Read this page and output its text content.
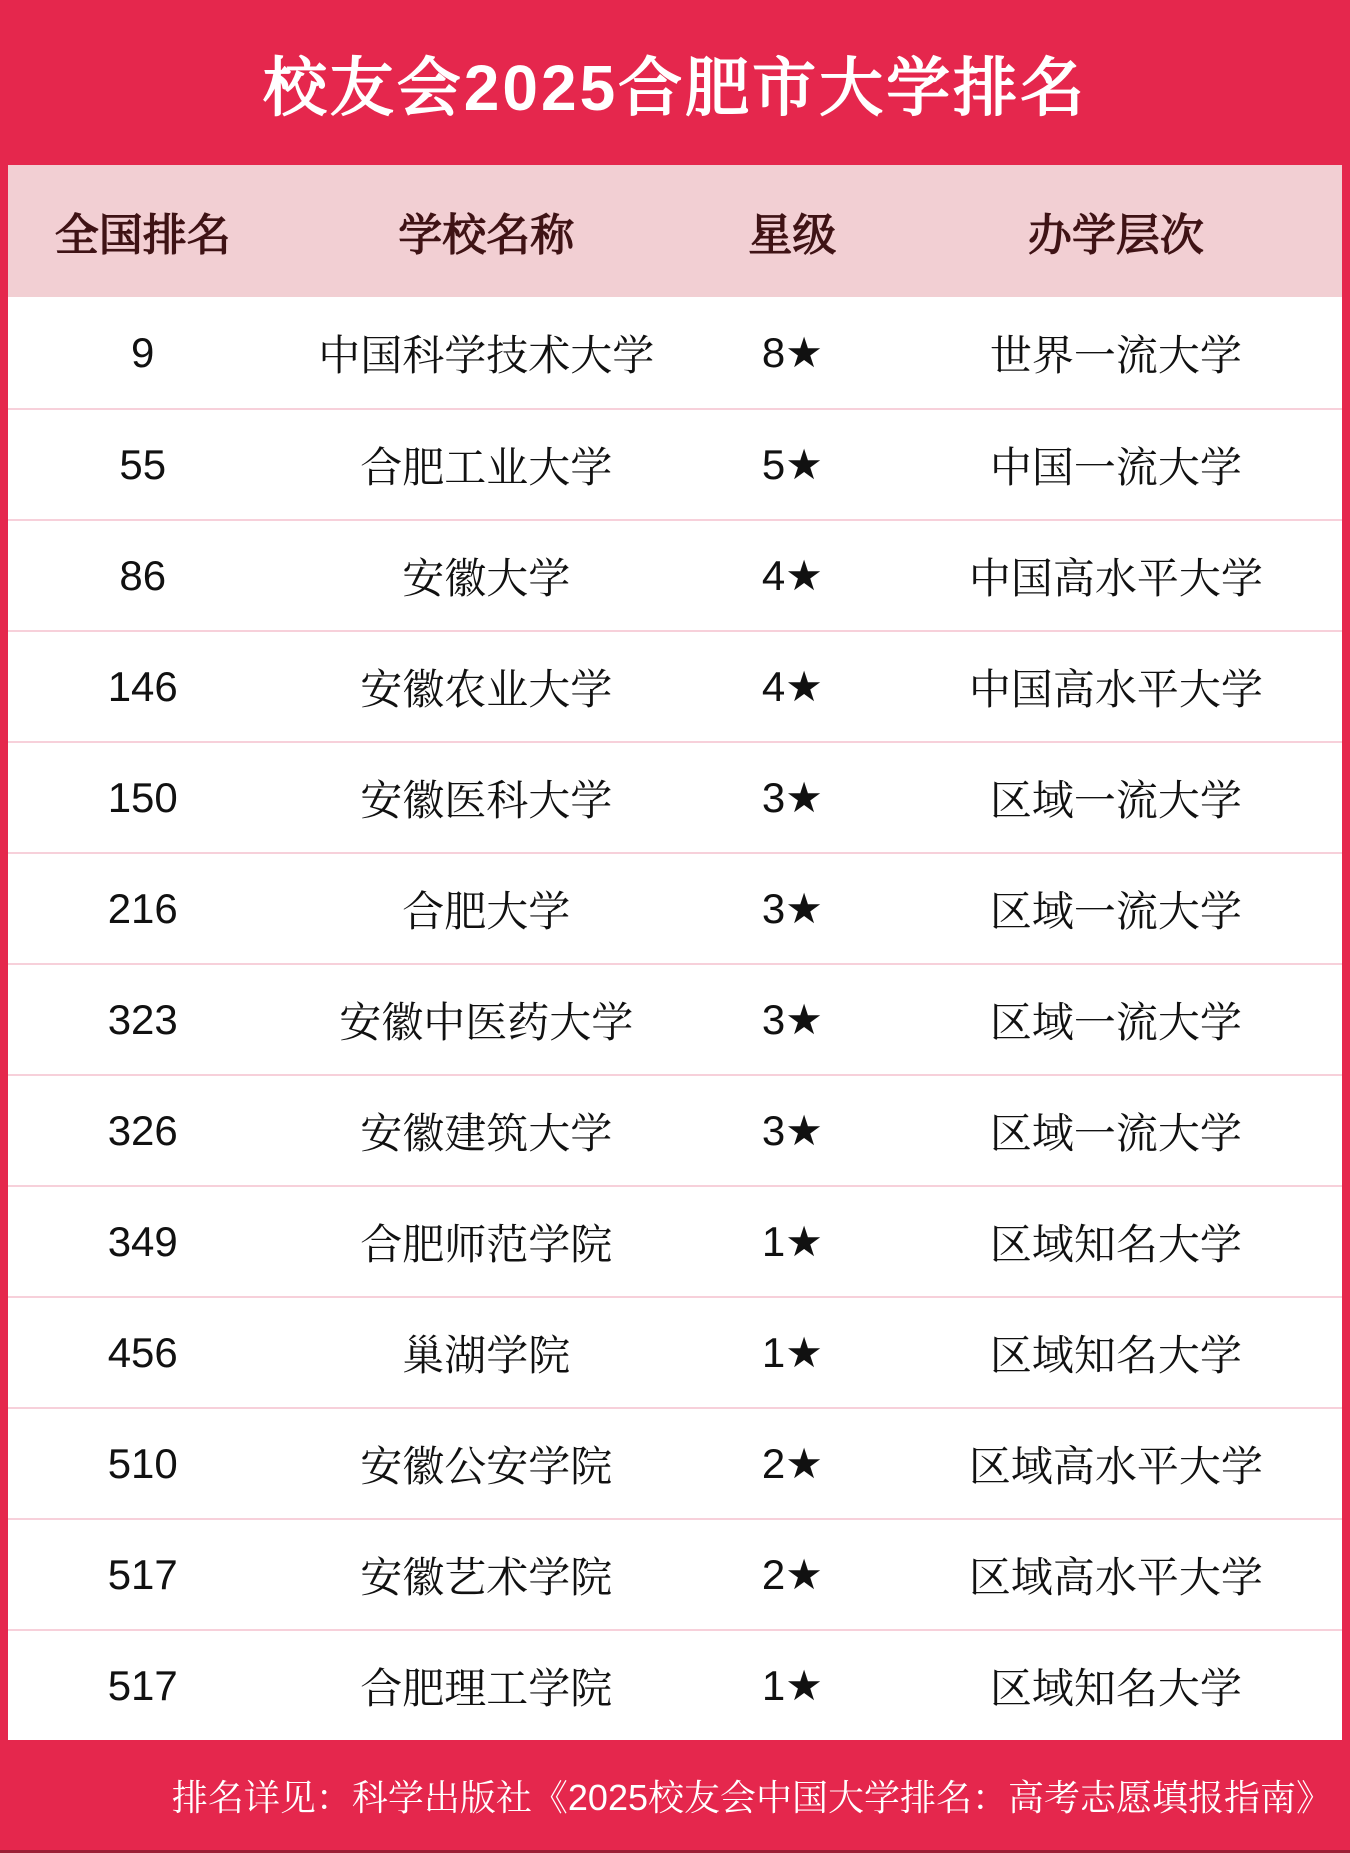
校友会2025合肥市大学排名
全国排名	学校名称	星级	办学层次
9	中国科学技术大学	8★	世界一流大学
55	合肥工业大学	5★	中国一流大学
86	安徽大学	4★	中国高水平大学
146	安徽农业大学	4★	中国高水平大学
150	安徽医科大学	3★	区域一流大学
216	合肥大学	3★	区域一流大学
323	安徽中医药大学	3★	区域一流大学
326	安徽建筑大学	3★	区域一流大学
349	合肥师范学院	1★	区域知名大学
456	巢湖学院	1★	区域知名大学
510	安徽公安学院	2★	区域高水平大学
517	安徽艺术学院	2★	区域高水平大学
517	合肥理工学院	1★	区域知名大学
排名详见：科学出版社《2025校友会中国大学排名：高考志愿填报指南》
